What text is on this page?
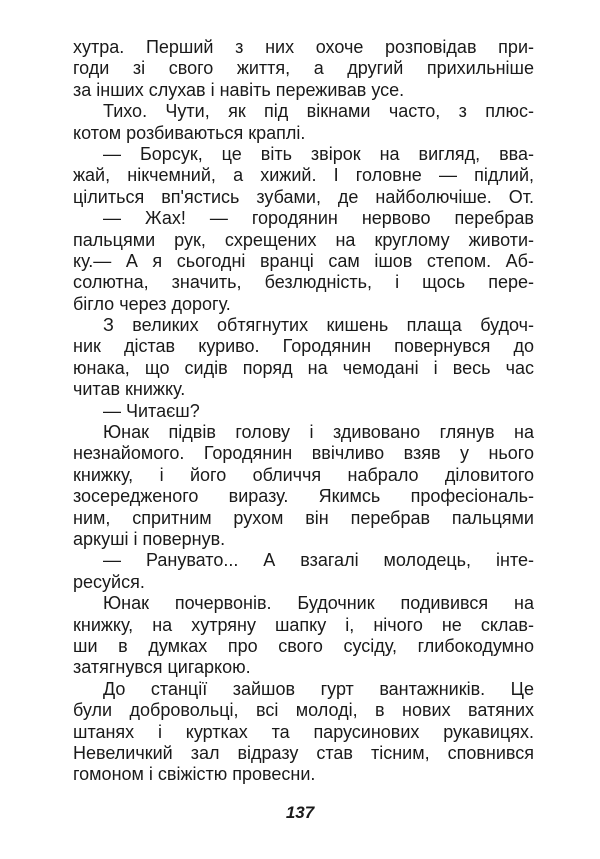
хутра. Перший з них охоче розповідав при-
годи зі свого життя, а другий прихильніше
за інших слухав і навіть переживав усе.
Тихо. Чути, як під вікнами часто, з плюс-
котом розбиваються краплі.
— Борсук, це віть звірок на вигляд, вва-
жай, нікчемний, а хижий. І головне — підлий,
цілиться вп'ястись зубами, де найболючіше. От.
— Жах! — городянин нервово перебрав
пальцями рук, схрещених на круглому животи-
ку.— А я сьогодні вранці сам ішов степом. Аб-
солютна, значить, безлюдність, і щось пере-
бігло через дорогу.
З великих обтягнутих кишень плаща будоч-
ник дістав куриво. Городянин повернувся до
юнака, що сидів поряд на чемодані і весь час
читав книжку.
— Читаєш?
Юнак підвів голову і здивовано глянув на
незнайомого. Городянин ввічливо взяв у нього
книжку, і його обличчя набрало діловитого
зосередженого виразу. Якимсь професіональ-
ним, спритним рухом він перебрав пальцями
аркуші і повернув.
— Ранувато... А взагалі молодець, інте-
ресуйся.
Юнак почервонів. Будочник подивився на
книжку, на хутряну шапку і, нічого не склав-
ши в думках про свого сусіду, глибокодумно
затягнувся цигаркою.
До станції зайшов гурт вантажників. Це
були добровольці, всі молоді, в нових ватяних
штанях і куртках та парусинових рукавицях.
Невеличкий зал відразу став тісним, сповнився
гомоном і свіжістю провесни.
137
